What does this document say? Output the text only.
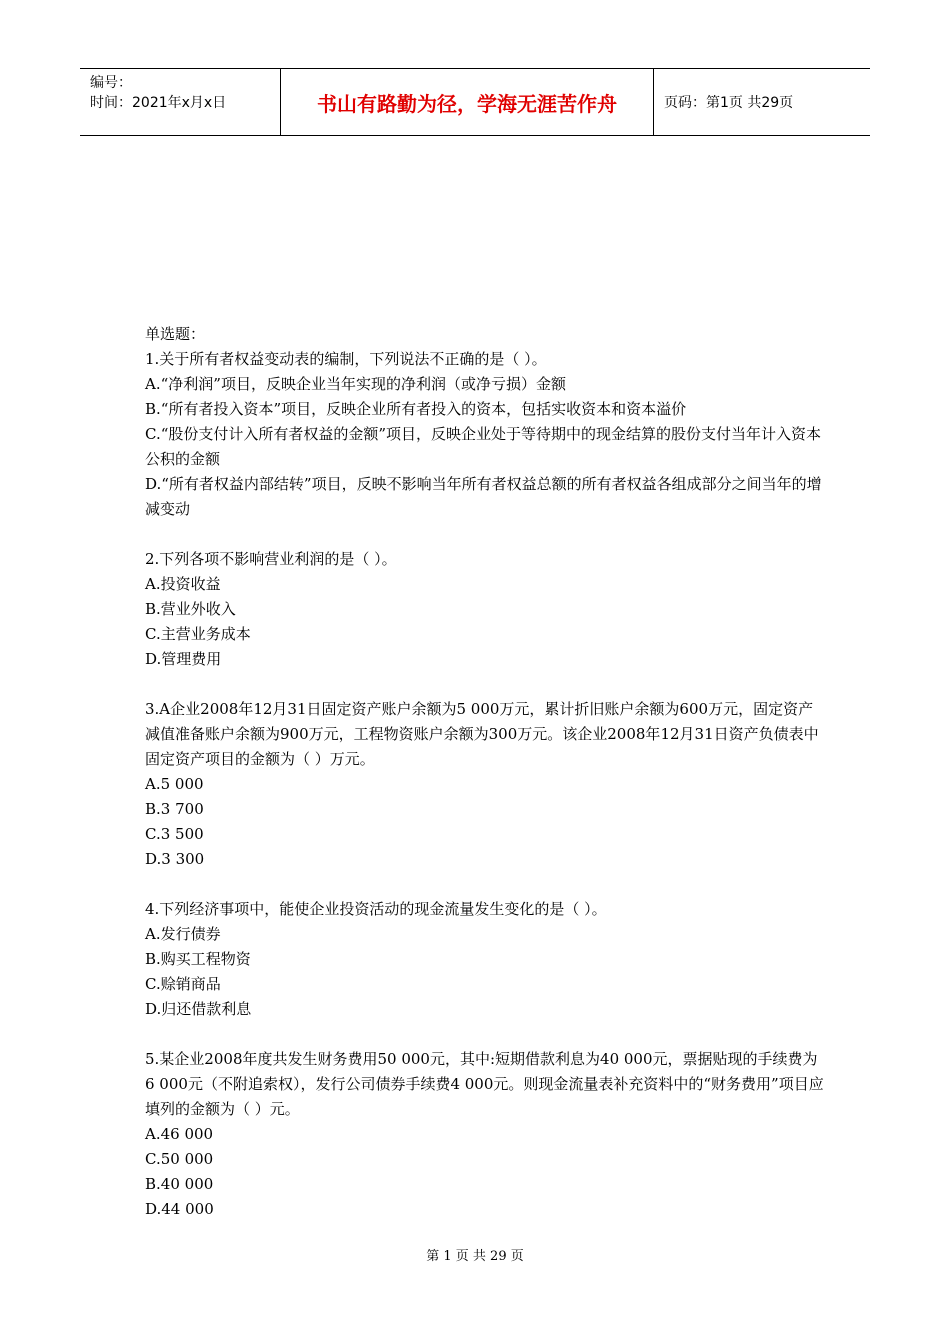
编号：
时间：2021年x月x日	书山有路勤为径，学海无涯苦作舟	页码：第1页 共29页

单选题：

1.关于所有者权益变动表的编制，下列说法不正确的是（ ）。

A.“净利润”项目，反映企业当年实现的净利润（或净亏损）金额

B.“所有者投入资本”项目，反映企业所有者投入的资本，包括实收资本和资本溢价

C.“股份支付计入所有者权益的金额”项目，反映企业处于等待期中的现金结算的股份支付当年计入资本公积的金额

D.“所有者权益内部结转”项目，反映不影响当年所有者权益总额的所有者权益各组成部分之间当年的增减变动

2.下列各项不影响营业利润的是（ ）。

A.投资收益

B.营业外收入

C.主营业务成本

D.管理费用

3.A企业2008年12月31日固定资产账户余额为5 000万元，累计折旧账户余额为600万元，固定资产减值准备账户余额为900万元，工程物资账户余额为300万元。该企业2008年12月31日资产负债表中固定资产项目的金额为（ ）万元。

A.5 000

B.3 700

C.3 500

D.3 300

4.下列经济事项中，能使企业投资活动的现金流量发生变化的是（ ）。

A.发行债券

B.购买工程物资

C.赊销商品

D.归还借款利息

5.某企业2008年度共发生财务费用50 000元，其中:短期借款利息为40 000元，票据贴现的手续费为6 000元（不附追索权），发行公司债券手续费4 000元。则现金流量表补充资料中的“财务费用”项目应填列的金额为（ ）元。

A.46 000

C.50 000

B.40 000

D.44 000

第 1 页 共 29 页
